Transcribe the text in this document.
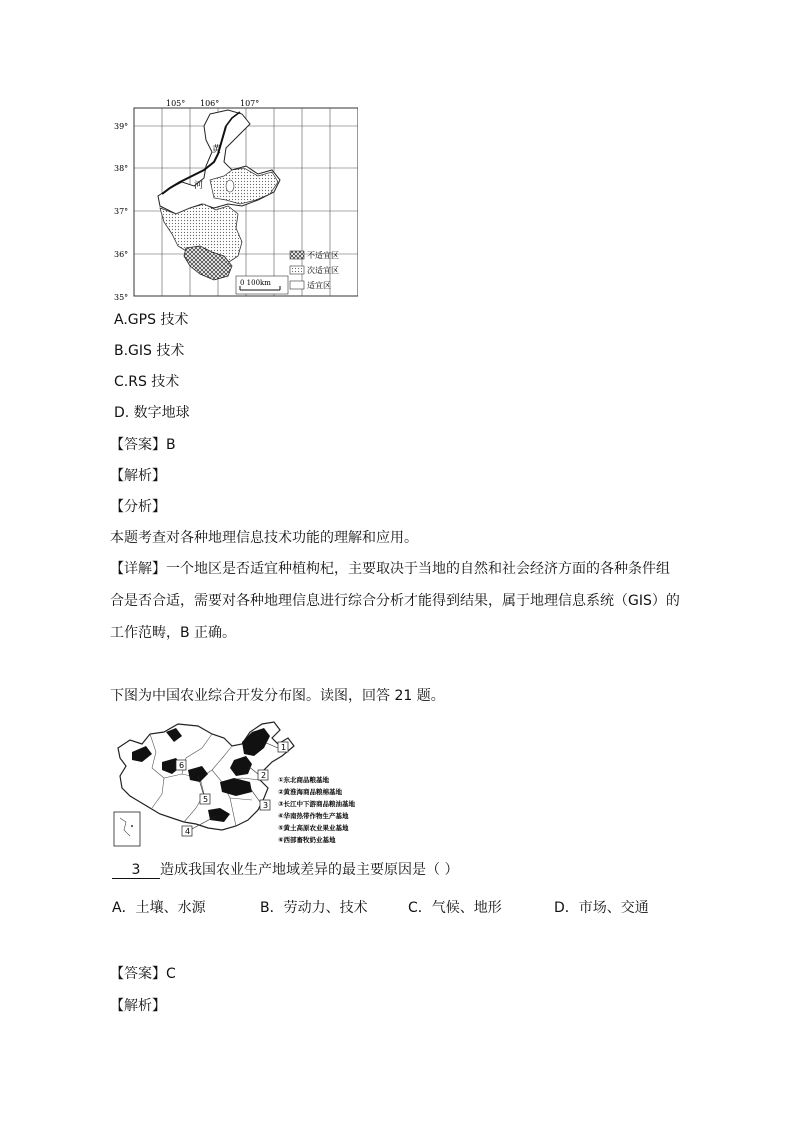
105° 106°	107°
39°
38°
37°
36°
35°
黄
河
不适宜区
次适宜区
适宜区
0 100km
A.GPS 技术
B.GIS 技术
C.RS 技术
D. 数字地球
【答案】B
【解析】
【分析】
本题考查对各种地理信息技术功能的理解和应用。
【详解】一个地区是否适宜种植枸杞，主要取决于当地的自然和社会经济方面的各种条件组
合是否合适，需要对各种地理信息进行综合分析才能得到结果，属于地理信息系统（GIS）的
工作范畴，B 正确。
下图为中国农业综合开发分布图。读图，回答 21 题。
1
2
3
4
5
6
①东北商品粮基地
②黄淮海商品粮棉基地
③长江中下游商品粮油基地
④华南热带作物生产基地
⑤黄土高原农业果业基地
⑥西部畜牧奶业基地
3 造成我国农业生产地域差异的最主要原因是（ ）
A．土壤、水源	B．劳动力、技术	C．气候、地形	D．市场、交通
【答案】C
【解析】
